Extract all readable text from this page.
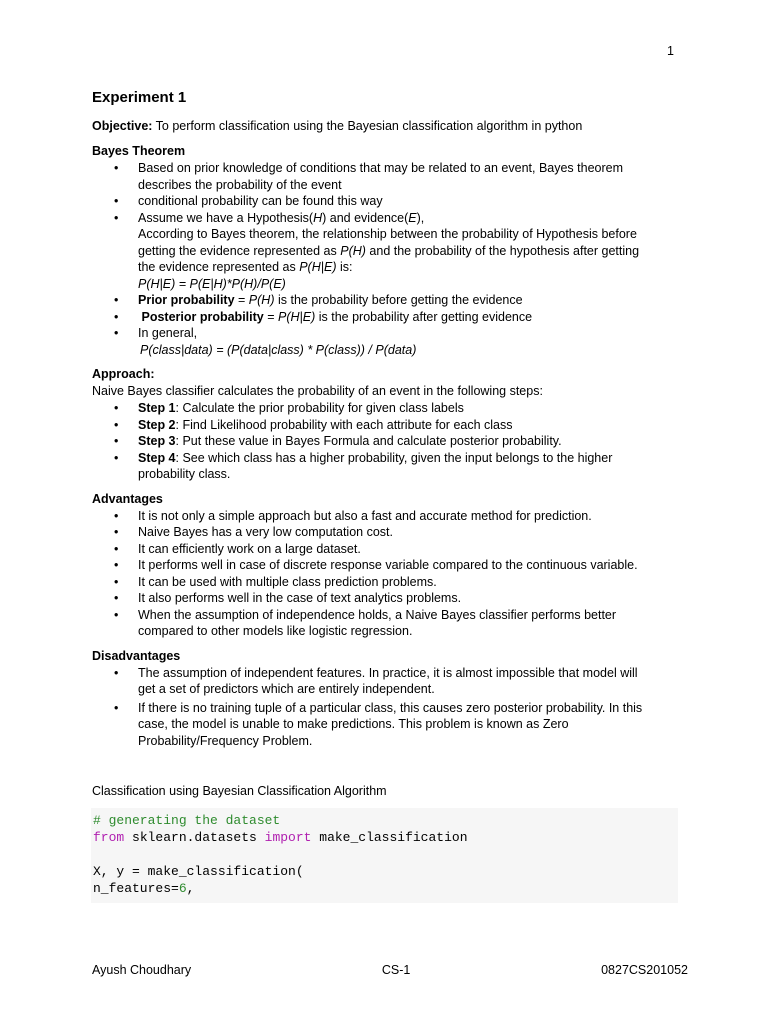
1
Experiment 1

Objective: To perform classification using the Bayesian classification algorithm in python

Bayes Theorem

• Based on prior knowledge of conditions that may be related to an event, Bayes theorem
describes the probability of the event
• conditional probability can be found this way
• Assume we have a Hypothesis(H) and evidence(E),
According to Bayes theorem, the relationship between the probability of Hypothesis before
getting the evidence represented as P(H) and the probability of the hypothesis after getting
the evidence represented as P(H|E) is:
P(H|E) = P(E|H)*P(H)/P(E)
• Prior probability = P(H) is the probability before getting the evidence
• Posterior probability = P(H|E) is the probability after getting evidence
• In general,
P(class|data) = (P(data|class) * P(class)) / P(data)

Approach:

Naive Bayes classifier calculates the probability of an event in the following steps:

• Step 1: Calculate the prior probability for given class labels
• Step 2: Find Likelihood probability with each attribute for each class
• Step 3: Put these value in Bayes Formula and calculate posterior probability.
• Step 4: See which class has a higher probability, given the input belongs to the higher
probability class.

Advantages

• It is not only a simple approach but also a fast and accurate method for prediction.
• Naive Bayes has a very low computation cost.
• It can efficiently work on a large dataset.
• It performs well in case of discrete response variable compared to the continuous variable.
• It can be used with multiple class prediction problems.
• It also performs well in the case of text analytics problems.
• When the assumption of independence holds, a Naive Bayes classifier performs better
compared to other models like logistic regression.

Disadvantages

• The assumption of independent features. In practice, it is almost impossible that model will
get a set of predictors which are entirely independent.
• If there is no training tuple of a particular class, this causes zero posterior probability. In this
case, the model is unable to make predictions. This problem is known as Zero
Probability/Frequency Problem.

Classification using Bayesian Classification Algorithm

# generating the dataset
from sklearn.datasets import make_classification

X, y = make_classification(
n_features=6,
Ayush Choudhary	CS-1	0827CS201052
